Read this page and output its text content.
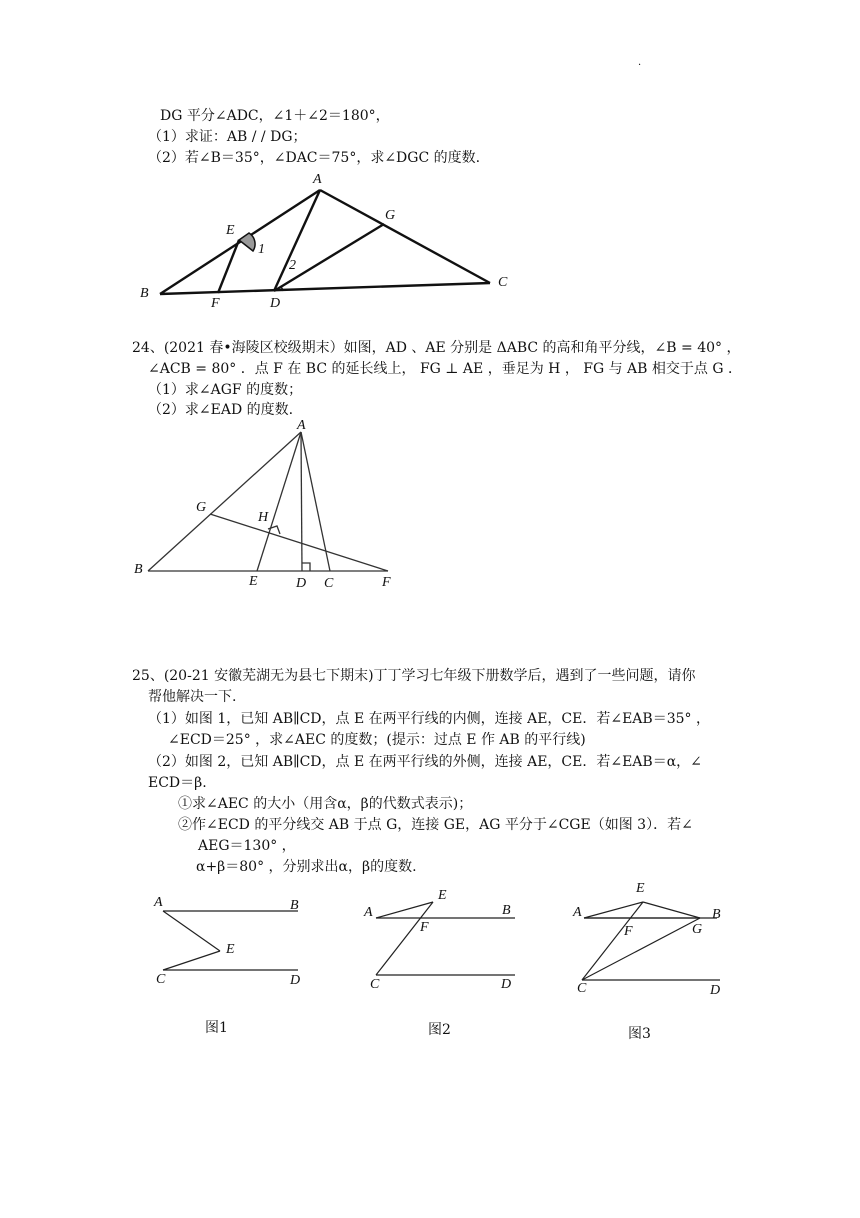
·
DG 平分∠ADC，∠1＋∠2＝180°，
（1）求证：AB / / DG；
（2）若∠B＝35°，∠DAC＝75°，求∠DGC 的度数.
A
B
C
D
E
F
G
1
2
24、(2021 春•海陵区校级期末）如图，AD 、AE 分别是 ΔABC 的高和角平分线，∠B = 40° ，
∠ACB = 80° ．点 F 在 BC 的延长线上， FG ⊥ AE ，垂足为 H ， FG 与 AB 相交于点 G ．
（1）求∠AGF 的度数；
（2）求∠EAD 的度数.
A
B
C
D
E	F
G
H
25、(20-21 安徽芜湖无为县七下期末)丁丁学习七年级下册数学后，遇到了一些问题，请你
帮他解决一下.
（1）如图 1，已知 AB∥CD，点 E 在两平行线的内侧，连接 AE，CE．若∠EAB＝35° ，
∠ECD＝25° ，求∠AEC 的度数；(提示：过点 E 作 AB 的平行线)
（2）如图 2，已知 AB∥CD，点 E 在两平行线的外侧，连接 AE，CE．若∠EAB＝α，∠
ECD＝β.
①求∠AEC 的大小（用含α，β的代数式表示)；
②作∠ECD 的平分线交 AB 于点 G，连接 GE，AG 平分于∠CGE（如图 3）．若∠
AEG＝130° ，
α+β＝80° ，分别求出α，β的度数.
A	B
C	D
E
A	B
C	D
E
F
A	B
C	D
E
F	G
图1	图2	图3
